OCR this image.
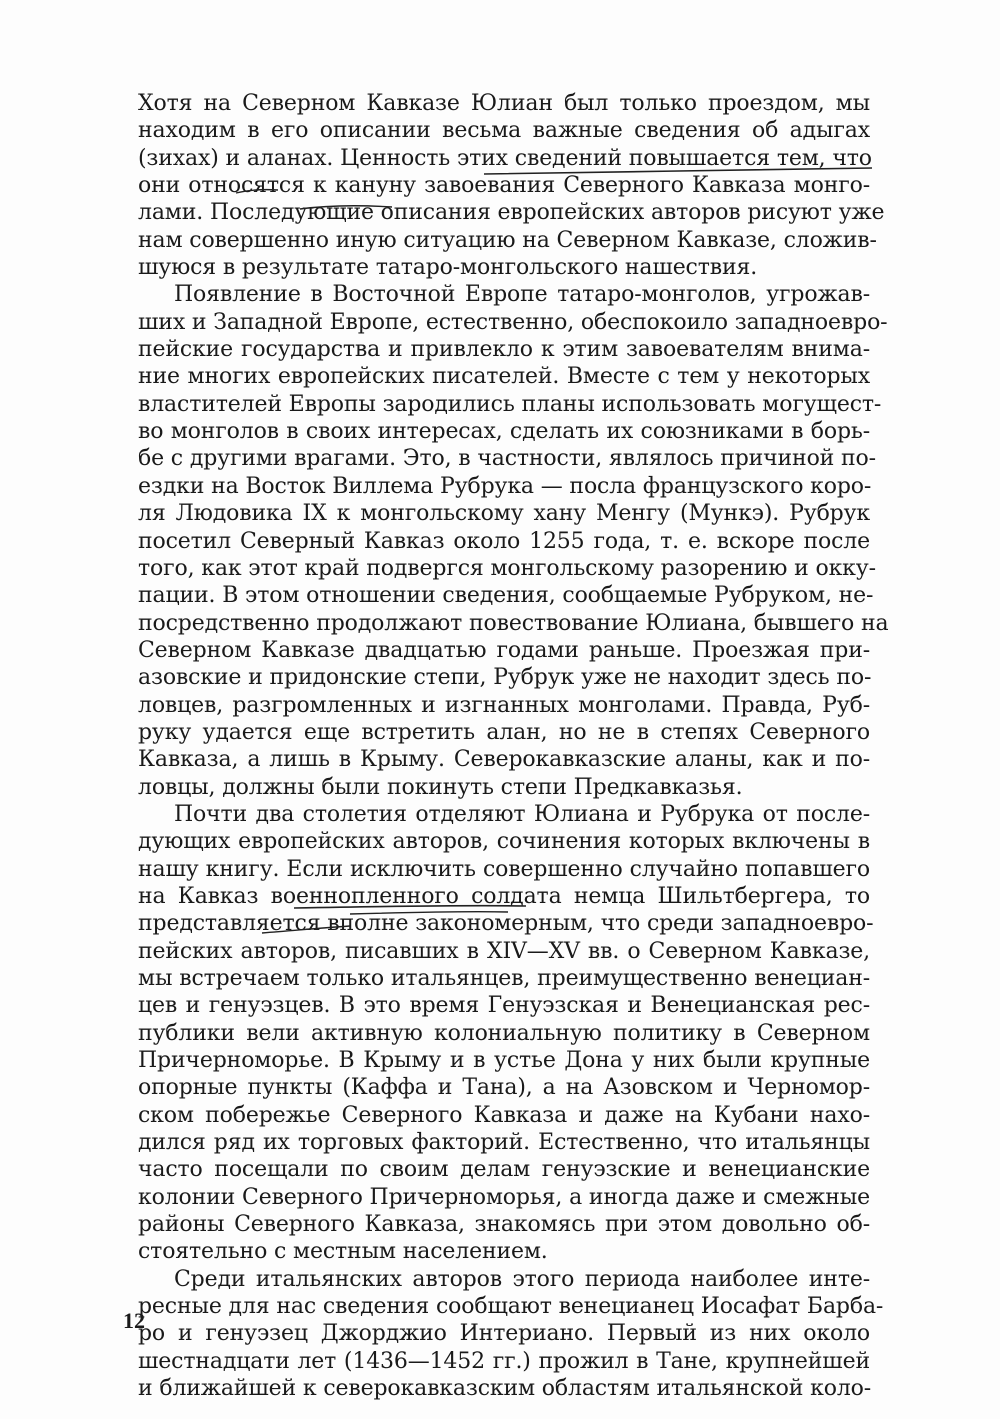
Хотя на Северном Кавказе Юлиан был только проездом, мы
находим в его описании весьма важные сведения об адыгах
(зихах) и аланах. Ценность этих сведений повышается тем, что
они относятся к кануну завоевания Северного Кавказа монго-
лами. Последующие описания европейских авторов рисуют уже
нам совершенно иную ситуацию на Северном Кавказе, сложив-
шуюся в результате татаро-монгольского нашествия.
Появление в Восточной Европе татаро-монголов, угрожав-
ших и Западной Европе, естественно, обеспокоило западноевро-
пейские государства и привлекло к этим завоевателям внима-
ние многих европейских писателей. Вместе с тем у некоторых
властителей Европы зародились планы использовать могущест-
во монголов в своих интересах, сделать их союзниками в борь-
бе с другими врагами. Это, в частности, являлось причиной по-
ездки на Восток Виллема Рубрука — посла французского коро-
ля Людовика IX к монгольскому хану Менгу (Мункэ). Рубрук
посетил Северный Кавказ около 1255 года, т. е. вскоре после
того, как этот край подвергся монгольскому разорению и окку-
пации. В этом отношении сведения, сообщаемые Рубруком, не-
посредственно продолжают повествование Юлиана, бывшего на
Северном Кавказе двадцатью годами раньше. Проезжая при-
азовские и придонские степи, Рубрук уже не находит здесь по-
ловцев, разгромленных и изгнанных монголами. Правда, Руб-
руку удается еще встретить алан, но не в степях Северного
Кавказа, а лишь в Крыму. Северокавказские аланы, как и по-
ловцы, должны были покинуть степи Предкавказья.
Почти два столетия отделяют Юлиана и Рубрука от после-
дующих европейских авторов, сочинения которых включены в
нашу книгу. Если исключить совершенно случайно попавшего
на Кавказ военнопленного солдата немца Шильтбергера, то
представляется вполне закономерным, что среди западноевро-
пейских авторов, писавших в XIV—XV вв. о Северном Кавказе,
мы встречаем только итальянцев, преимущественно венециан-
цев и генуэзцев. В это время Генуэзская и Венецианская рес-
публики вели активную колониальную политику в Северном
Причерноморье. В Крыму и в устье Дона у них были крупные
опорные пункты (Каффа и Тана), а на Азовском и Черномор-
ском побережье Северного Кавказа и даже на Кубани нахо-
дился ряд их торговых факторий. Естественно, что итальянцы
часто посещали по своим делам генуэзские и венецианские
колонии Северного Причерноморья, а иногда даже и смежные
районы Северного Кавказа, знакомясь при этом довольно об-
стоятельно с местным населением.
Среди итальянских авторов этого периода наиболее инте-
ресные для нас сведения сообщают венецианец Иосафат Барба-
ро и генуэзец Джорджио Интериано. Первый из них около
шестнадцати лет (1436—1452 гг.) прожил в Тане, крупнейшей
и ближайшей к северокавказским областям итальянской коло-
12
